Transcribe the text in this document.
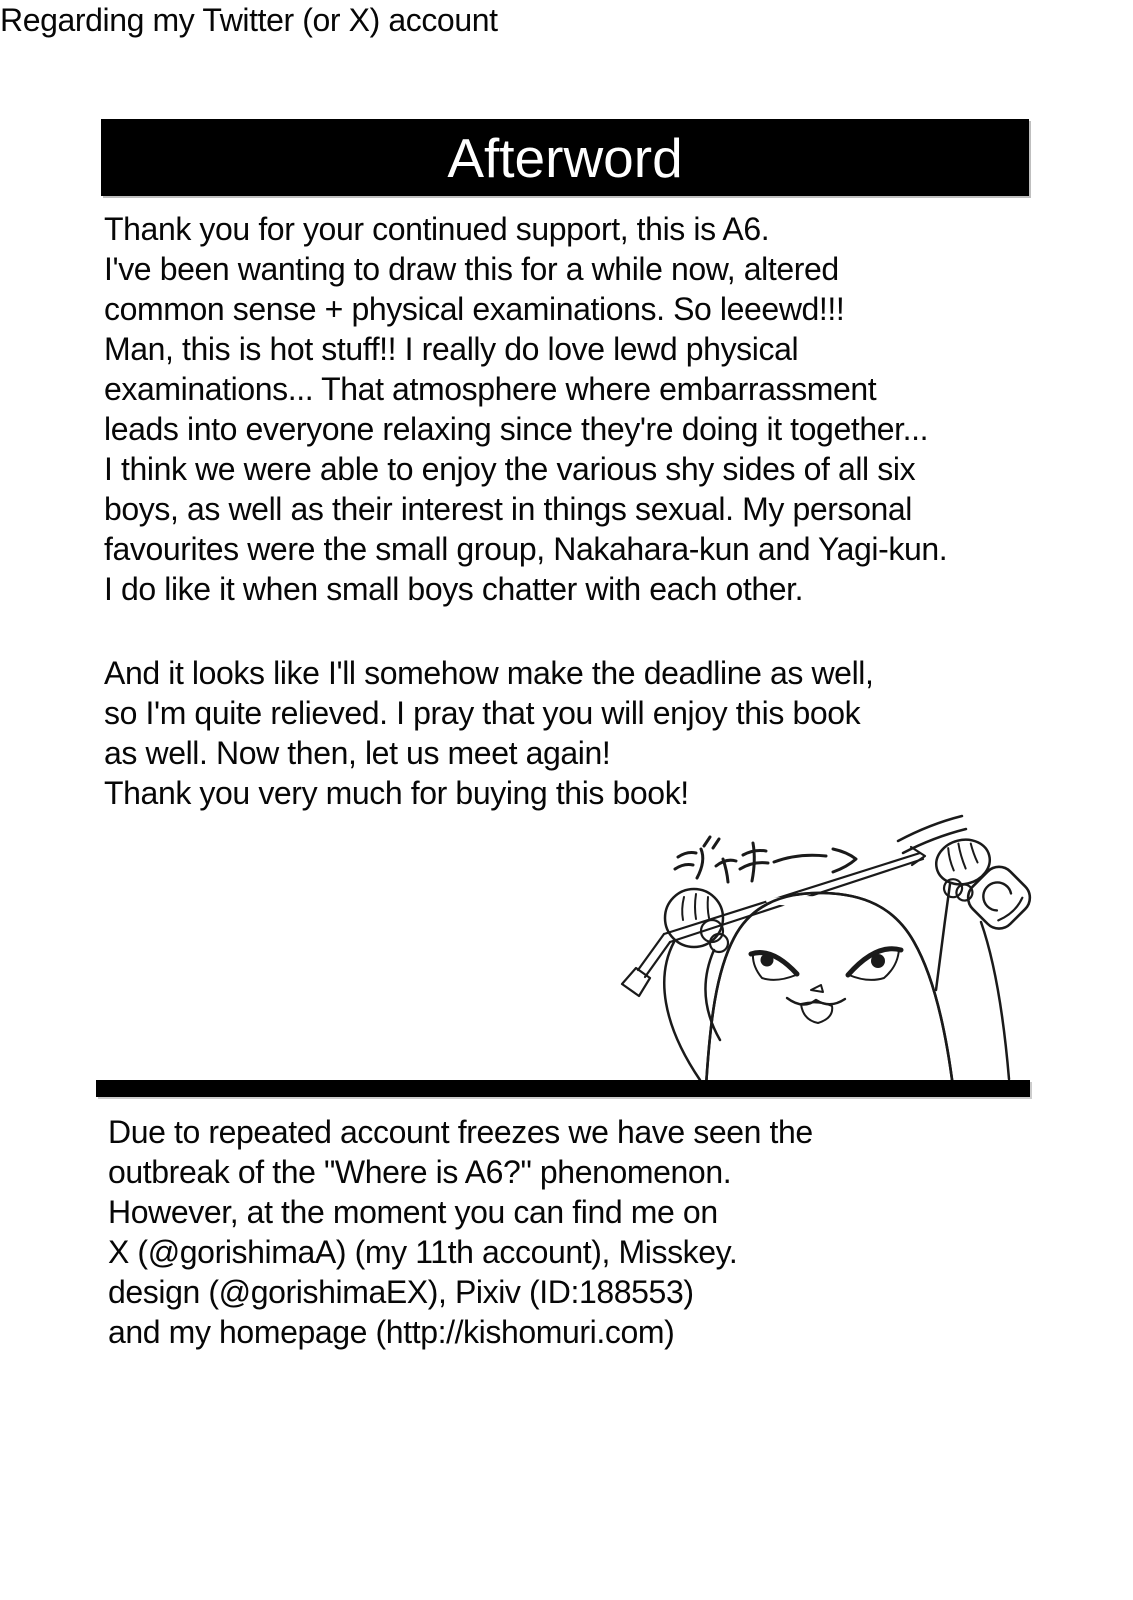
Afterword
Thank you for your continued support, this is A6.
I've been wanting to draw this for a while now, altered
common sense + physical examinations. So leeewd!!!
Man, this is hot stuff!! I really do love lewd physical
examinations... That atmosphere where embarrassment
leads into everyone relaxing since they're doing it together...
I think we were able to enjoy the various shy sides of all six
boys, as well as their interest in things sexual. My personal
favourites were the small group, Nakahara-kun and Yagi-kun.
I do like it when small boys chatter with each other.
And it looks like I'll somehow make the deadline as well,
so I'm quite relieved. I pray that you will enjoy this book
as well. Now then, let us meet again!
Thank you very much for buying this book!
Regarding my Twitter (or X) account
Due to repeated account freezes we have seen the
outbreak of the "Where is A6?" phenomenon.
However, at the moment you can find me on
X (@gorishimaA) (my 11th account), Misskey.
design (@gorishimaEX), Pixiv (ID:188553)
and my homepage (http://kishomuri.com)
